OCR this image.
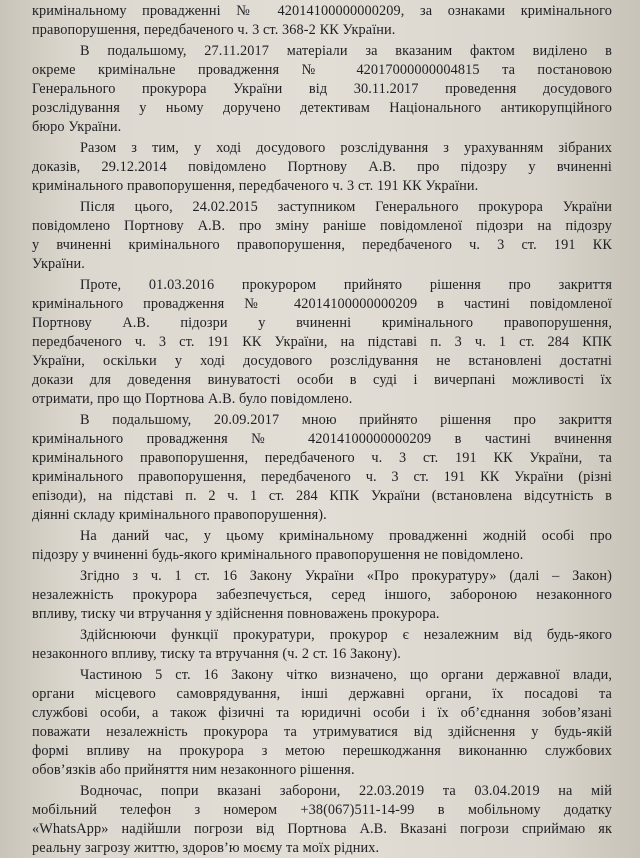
кримінальному провадженні № 42014100000000209, за ознаками кримінального
правопорушення, передбаченого ч. 3 ст. 368-2 КК України.
В подальшому, 27.11.2017 матеріали за вказаним фактом виділено в
окреме кримінальне провадження № 42017000000004815 та постановою
Генерального прокурора України від 30.11.2017 проведення досудового
розслідування у ньому доручено детективам Національного антикорупційного
бюро України.
Разом з тим, у ході досудового розслідування з урахуванням зібраних
доказів, 29.12.2014 повідомлено Портнову А.В. про підозру у вчиненні
кримінального правопорушення, передбаченого ч. 3 ст. 191 КК України.
Після цього, 24.02.2015 заступником Генерального прокурора України
повідомлено Портнову А.В. про зміну раніше повідомленої підозри на підозру
у вчиненні кримінального правопорушення, передбаченого ч. 3 ст. 191 КК
України.
Проте, 01.03.2016 прокурором прийнято рішення про закриття
кримінального провадження № 42014100000000209 в частині повідомленої
Портнову А.В. підозри у вчиненні кримінального правопорушення,
передбаченого ч. 3 ст. 191 КК України, на підставі п. 3 ч. 1 ст. 284 КПК
України, оскільки у ході досудового розслідування не встановлені достатні
докази для доведення винуватості особи в суді і вичерпані можливості їх
отримати, про що Портнова А.В. було повідомлено.
В подальшому, 20.09.2017 мною прийнято рішення про закриття
кримінального провадження № 42014100000000209 в частині вчинення
кримінального правопорушення, передбаченого ч. 3 ст. 191 КК України, та
кримінального правопорушення, передбаченого ч. 3 ст. 191 КК України (різні
епізоди), на підставі п. 2 ч. 1 ст. 284 КПК України (встановлена відсутність в
діянні складу кримінального правопорушення).
На даний час, у цьому кримінальному провадженні жодній особі про
підозру у вчиненні будь-якого кримінального правопорушення не повідомлено.
Згідно з ч. 1 ст. 16 Закону України «Про прокуратуру» (далі – Закон)
незалежність прокурора забезпечується, серед іншого, забороною незаконного
впливу, тиску чи втручання у здійснення повноважень прокурора.
Здійснюючи функції прокуратури, прокурор є незалежним від будь-якого
незаконного впливу, тиску та втручання (ч. 2 ст. 16 Закону).
Частиною 5 ст. 16 Закону чітко визначено, що органи державної влади,
органи місцевого самоврядування, інші державні органи, їх посадові та
службові особи, а також фізичні та юридичні особи і їх об’єднання зобов’язані
поважати незалежність прокурора та утримуватися від здійснення у будь-якій
формі впливу на прокурора з метою перешкоджання виконанню службових
обов’язків або прийняття ним незаконного рішення.
Водночас, попри вказані заборони, 22.03.2019 та 03.04.2019 на мій
мобільний телефон з номером +38(067)511-14-99 в мобільному додатку
«WhatsApp» надійшли погрози від Портнова А.В. Вказані погрози сприймаю як
реальну загрозу життю, здоров’ю моєму та моїх рідних.
